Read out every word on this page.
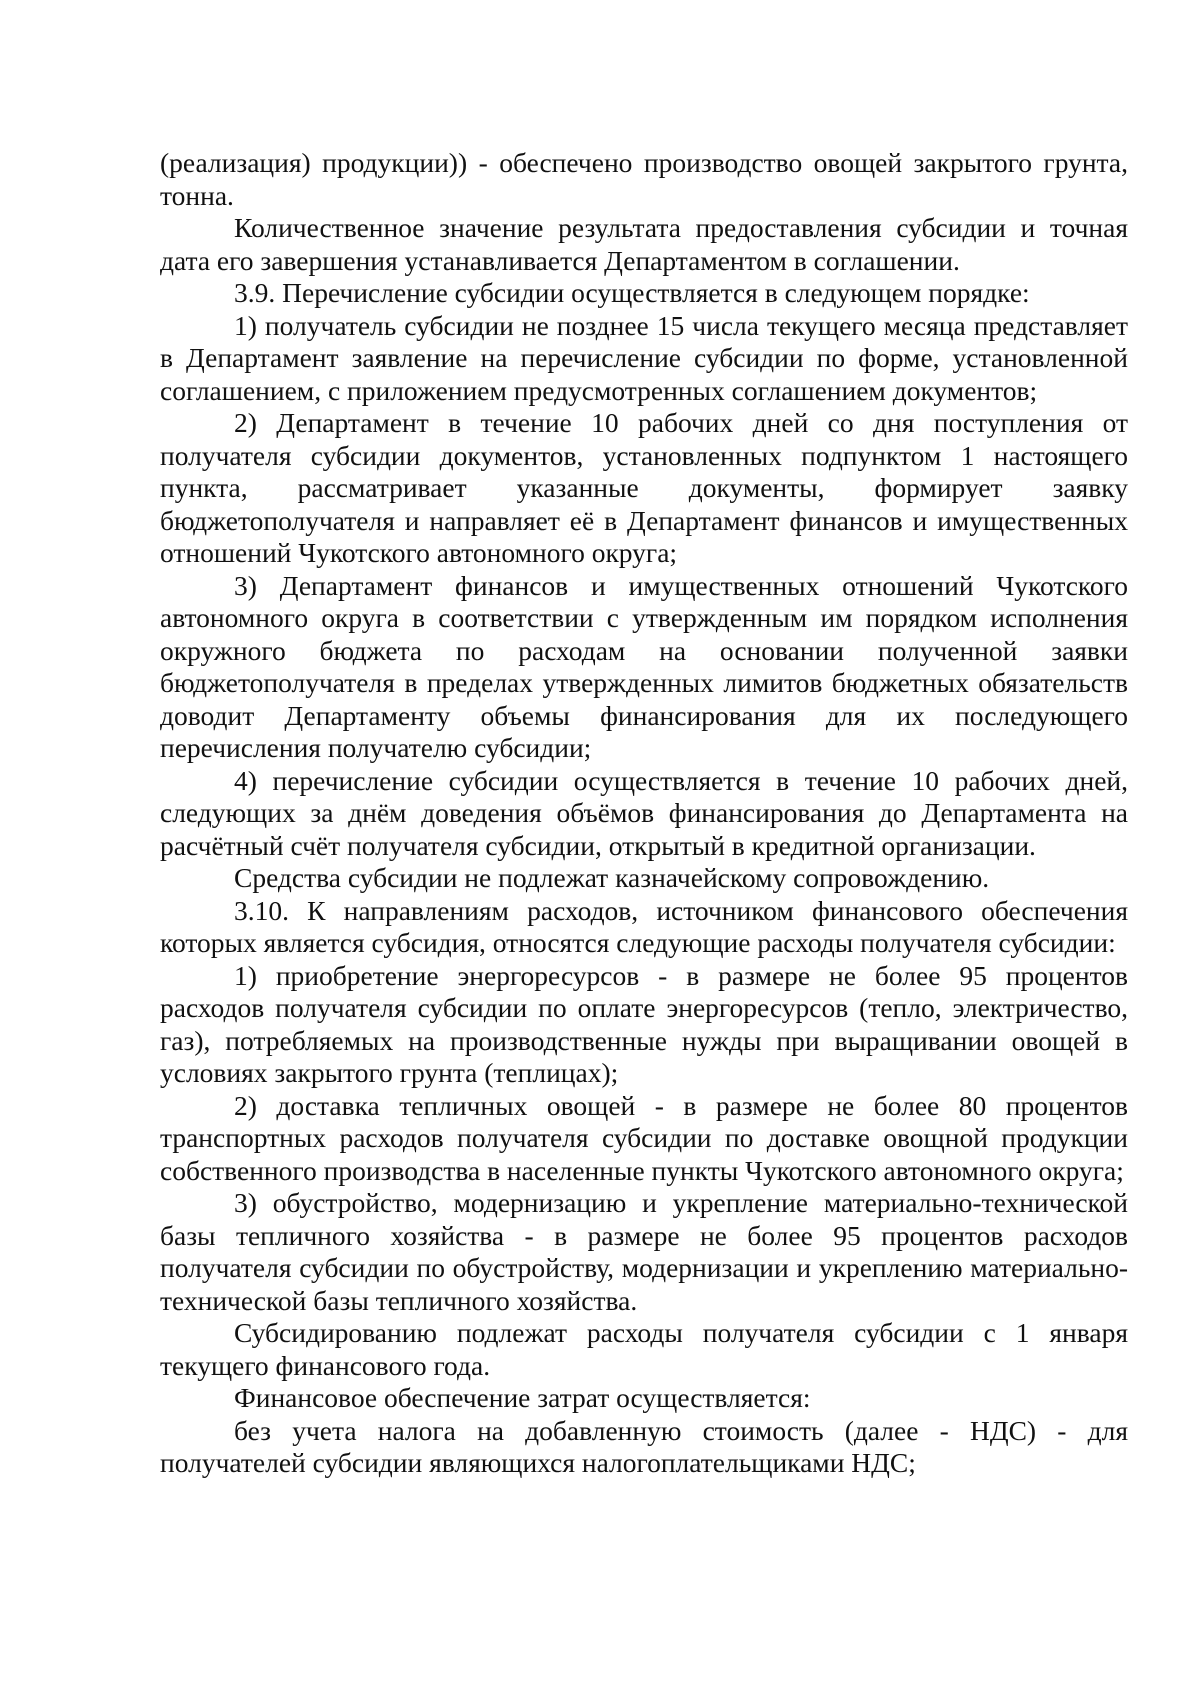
(реализация) продукции)) - обеспечено производство овощей закрытого грунта, тонна.

Количественное значение результата предоставления субсидии и точная дата его завершения устанавливается Департаментом в соглашении.

3.9. Перечисление субсидии осуществляется в следующем порядке:

1) получатель субсидии не позднее 15 числа текущего месяца представляет в Департамент заявление на перечисление субсидии по форме, установленной соглашением, с приложением предусмотренных соглашением документов;

2) Департамент в течение 10 рабочих дней со дня поступления от получателя субсидии документов, установленных подпунктом 1 настоящего пункта, рассматривает указанные документы, формирует заявку бюджетополучателя и направляет её в Департамент финансов и имущественных отношений Чукотского автономного округа;

3) Департамент финансов и имущественных отношений Чукотского автономного округа в соответствии с утвержденным им порядком исполнения окружного бюджета по расходам на основании полученной заявки бюджетополучателя в пределах утвержденных лимитов бюджетных обязательств доводит Департаменту объемы финансирования для их последующего перечисления получателю субсидии;

4) перечисление субсидии осуществляется в течение 10 рабочих дней, следующих за днём доведения объёмов финансирования до Департамента на расчётный счёт получателя субсидии, открытый в кредитной организации.

Средства субсидии не подлежат казначейскому сопровождению.

3.10. К направлениям расходов, источником финансового обеспечения которых является субсидия, относятся следующие расходы получателя субсидии:

1) приобретение энергоресурсов - в размере не более 95 процентов расходов получателя субсидии по оплате энергоресурсов (тепло, электричество, газ), потребляемых на производственные нужды при выращивании овощей в условиях закрытого грунта (теплицах);

2) доставка тепличных овощей - в размере не более 80 процентов транспортных расходов получателя субсидии по доставке овощной продукции собственного производства в населенные пункты Чукотского автономного округа;

3) обустройство, модернизацию и укрепление материально-технической базы тепличного хозяйства - в размере не более 95 процентов расходов получателя субсидии по обустройству, модернизации и укреплению материально-технической базы тепличного хозяйства.

Субсидированию подлежат расходы получателя субсидии с 1 января текущего финансового года.

Финансовое обеспечение затрат осуществляется:

без учета налога на добавленную стоимость (далее - НДС) - для получателей субсидии являющихся налогоплательщиками НДС;
